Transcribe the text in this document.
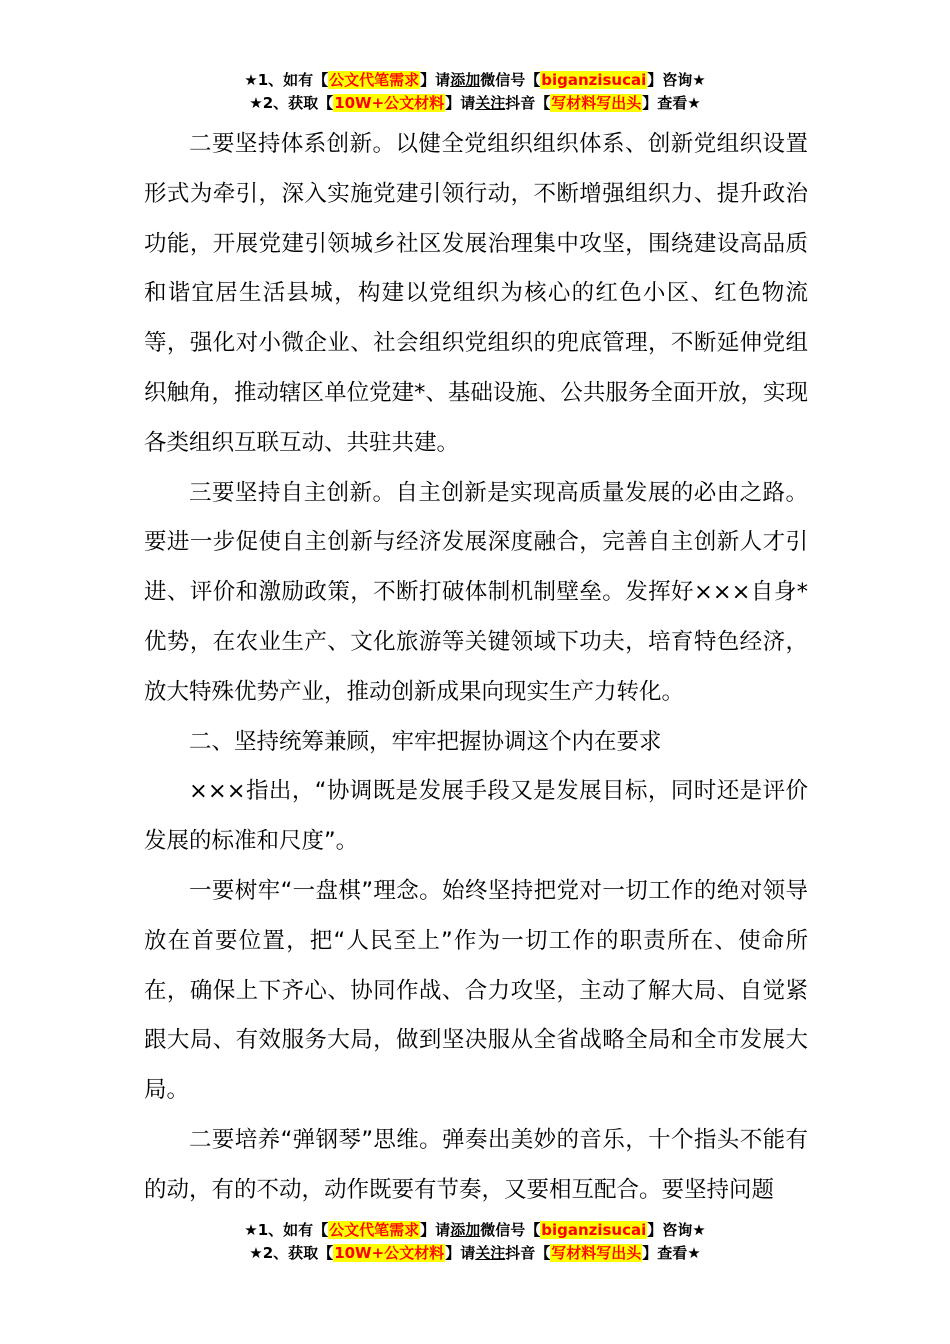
★1、如有【公文代笔需求】请添加微信号【biganzisucai】咨询★
★2、获取【10W+公文材料】请关注抖音【写材料写出头】查看★

二要坚持体系创新。以健全党组织组织体系、创新党组织设置形式为牵引，深入实施党建引领行动，不断增强组织力、提升政治功能，开展党建引领城乡社区发展治理集中攻坚，围绕建设高品质和谐宜居生活县城，构建以党组织为核心的红色小区、红色物流等，强化对小微企业、社会组织党组织的兜底管理，不断延伸党组织触角，推动辖区单位党建*、基础设施、公共服务全面开放，实现各类组织互联互动、共驻共建。

三要坚持自主创新。自主创新是实现高质量发展的必由之路。要进一步促使自主创新与经济发展深度融合，完善自主创新人才引进、评价和激励政策，不断打破体制机制壁垒。发挥好×××自身*优势，在农业生产、文化旅游等关键领域下功夫，培育特色经济，放大特殊优势产业，推动创新成果向现实生产力转化。

二、坚持统筹兼顾，牢牢把握协调这个内在要求

×××指出，“协调既是发展手段又是发展目标，同时还是评价发展的标准和尺度”。

一要树牢“一盘棋”理念。始终坚持把党对一切工作的绝对领导放在首要位置，把“人民至上”作为一切工作的职责所在、使命所在，确保上下齐心、协同作战、合力攻坚，主动了解大局、自觉紧跟大局、有效服务大局，做到坚决服从全省战略全局和全市发展大局。

二要培养“弹钢琴”思维。弹奏出美妙的音乐，十个指头不能有的动，有的不动，动作既要有节奏，又要相互配合。要坚持问题

★1、如有【公文代笔需求】请添加微信号【biganzisucai】咨询★
★2、获取【10W+公文材料】请关注抖音【写材料写出头】查看★
